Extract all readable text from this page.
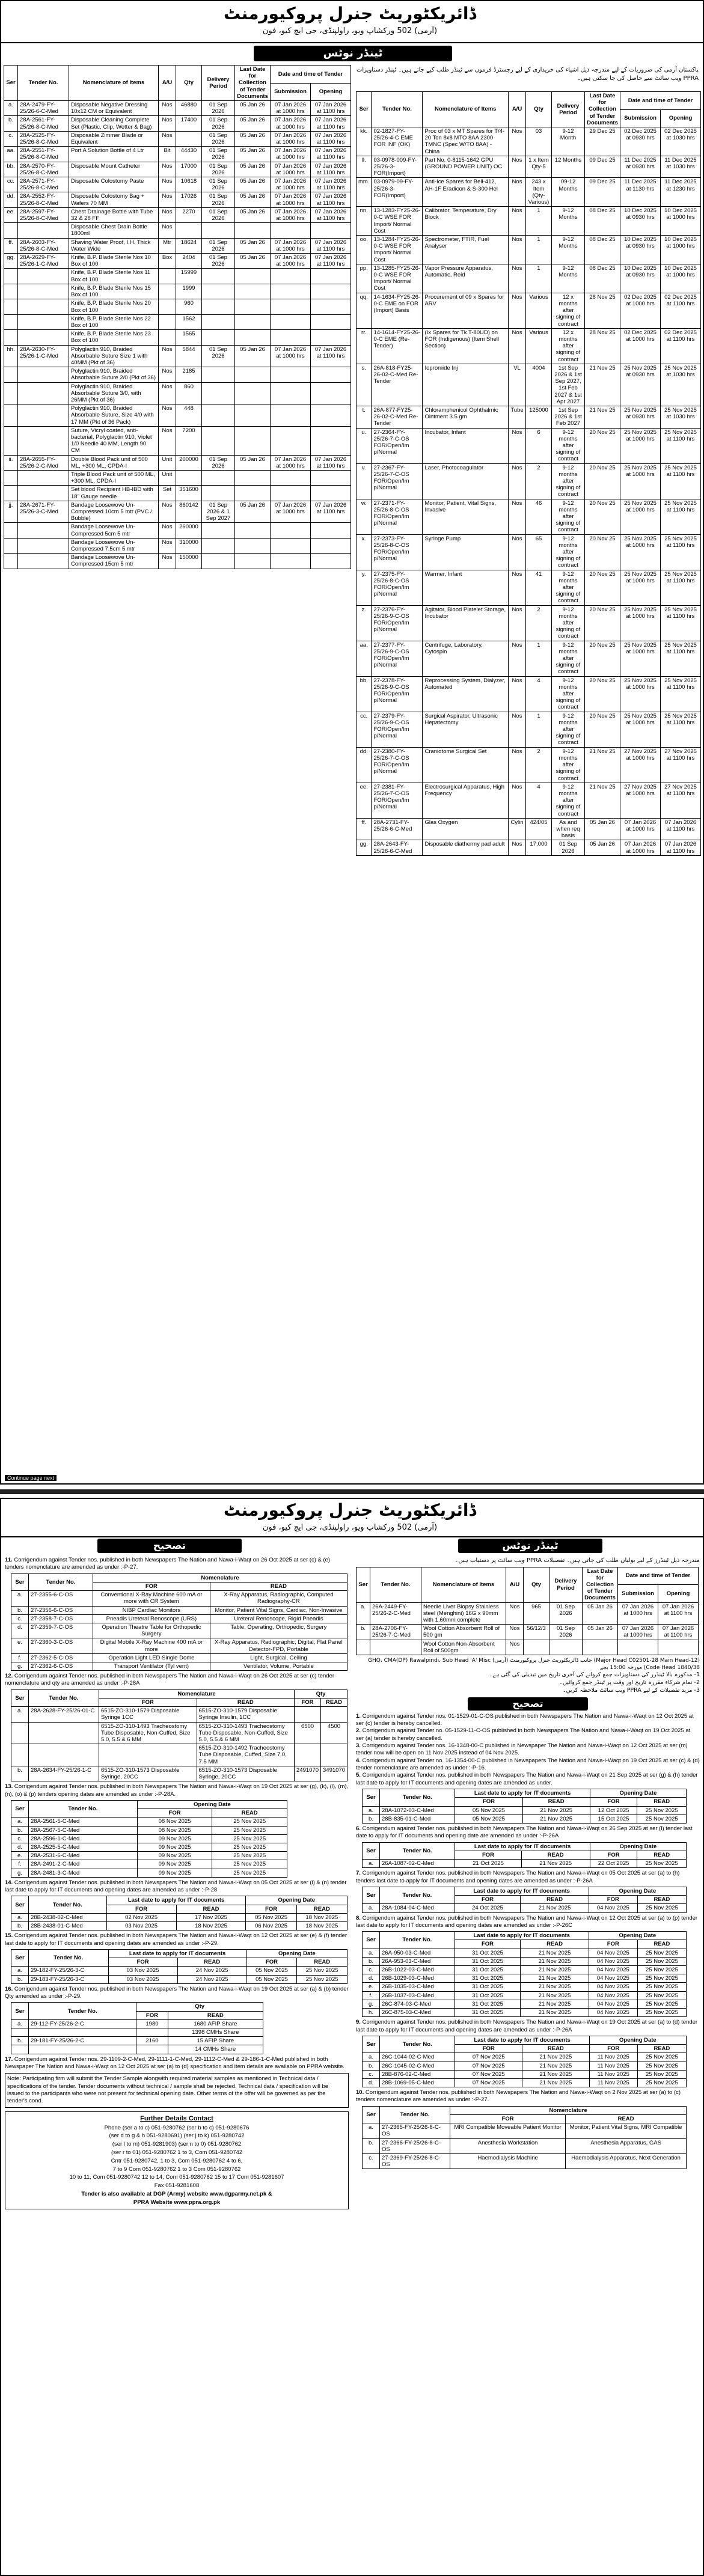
ڈائریکٹوریٹ جنرل پروکیورمنٹ
(آرمی) 502 ورکشاپ ویو، راولپنڈی، جی ایچ کیو، فون
ٹینڈر نوٹس
پاکستان آرمی کی ضروریات کے لیے مندرجہ ذیل اشیاء کی خریداری کے لیے رجسٹرڈ فرموں سے ٹینڈر طلب کیے جاتے ہیں۔ ٹینڈر دستاویزات PPRA ویب سائٹ سے حاصل کی جا سکتی ہیں۔
Ser	Tender No.	Nomenclature of Items	A/U	Qty	Delivery Period	Last Date for Collection of Tender Documents	Date and time of Tender	
							Submission	Opening
a.	28A-2479-FY-25/26-6-C-Med	Disposable Negative Dressing 10x12 CM or Equivalent	Nos	46880	01 Sep 2026	05 Jan 26	07 Jan 2026 at 1000 hrs	07 Jan 2026 at 1100 hrs
b.	28A-2561-FY-25/26-8-C-Med	Disposable Cleaning Complete Set (Plastic, Clip, Wetter & Bag)	Nos	17400	01 Sep 2026	05 Jan 26	07 Jan 2026 at 1000 hrs	07 Jan 2026 at 1100 hrs
c.	28A-2525-FY-25/26-8-C-Med	Disposable Zimmer Blade or Equivalent	Nos		01 Sep 2026	05 Jan 26	07 Jan 2026 at 1000 hrs	07 Jan 2026 at 1100 hrs
aa.	28A-2551-FY-25/26-8-C-Med	Port A Solution Bottle of 4 Ltr	Bit	44430	01 Sep 2026	05 Jan 26	07 Jan 2026 at 1000 hrs	07 Jan 2026 at 1100 hrs
bb.	28A-2570-FY-25/26-8-C-Med	Disposable Mount Catheter	Nos	17000	01 Sep 2026	05 Jan 26	07 Jan 2026 at 1000 hrs	07 Jan 2026 at 1100 hrs
cc.	28A-2571-FY-25/26-8-C-Med	Disposable Colostomy Paste	Nos	10618	01 Sep 2026	05 Jan 26	07 Jan 2026 at 1000 hrs	07 Jan 2026 at 1100 hrs
dd.	28A-2552-FY-25/26-8-C-Med	Disposable Colostomy Bag + Wafers 70 MM	Nos	17026	01 Sep 2026	05 Jan 26	07 Jan 2026 at 1000 hrs	07 Jan 2026 at 1100 hrs
ee.	28A-2597-FY-25/26-8-C-Med	Chest Drainage Bottle with Tube 32 & 28 FF	Nos	2270	01 Sep 2026	05 Jan 26	07 Jan 2026 at 1000 hrs	07 Jan 2026 at 1100 hrs
		Disposable Chest Drain Bottle 1800ml	Nos					
ff.	28A-2603-FY-25/26-8-C-Med	Shaving Water Proof, I.H. Thick Water Wide	Mtr	18624	01 Sep 2026	05 Jan 26	07 Jan 2026 at 1000 hrs	07 Jan 2026 at 1100 hrs
gg.	28A-2629-FY-25/26-1-C-Med	Knife, B.P. Blade Sterile Nos 10 Box of 100	Box	2404	01 Sep 2026	05 Jan 26	07 Jan 2026 at 1000 hrs	07 Jan 2026 at 1100 hrs
		Knife, B.P. Blade Sterile Nos 11 Box of 100		15999				
		Knife, B.P. Blade Sterile Nos 15 Box of 100		1999				
		Knife, B.P. Blade Sterile Nos 20 Box of 100		960				
		Knife, B.P. Blade Sterile Nos 22 Box of 100		1562				
		Knife, B.P. Blade Sterile Nos 23 Box of 100		1565				
hh.	28A-2630-FY-25/26-1-C-Med	Polyglactin 910, Braided Absorbable Suture Size 1 with 40MM (Pkt of 36)	Nos	5844	01 Sep 2026	05 Jan 26	07 Jan 2026 at 1000 hrs	07 Jan 2026 at 1100 hrs
		Polyglactin 910, Braided Absorbable Suture 2/0 (Pkt of 36)	Nos	2185				
		Polyglactin 910, Braided Absorbable Suture 3/0, with 26MM (Pkt of 36)	Nos	860				
		Polyglactin 910, Braided Absorbable Suture, Size 4/0 with 17 MM (Pkt of 36 Pack)	Nos	448				
		Suture, Vicryl coated, anti-bacterial, Polyglactin 910, Violet 1/0 Needle 40 MM, Length 90 CM	Nos	7200				
ii.	28A-2655-FY-25/26-2-C-Med	Double Blood Pack unit of 500 ML, +300 ML, CPDA-I	Unit	200000	01 Sep 2026	05 Jan 26	07 Jan 2026 at 1000 hrs	07 Jan 2026 at 1100 hrs
		Triple Blood Pack unit of 500 ML, +300 ML, CPDA-I	Unit					
		Set blood Recipient HB-IBD with 18" Gauge needle	Set	351600				
jj.	28A-2671-FY-25/26-3-C-Med	Bandage Loosewove Un-Compressed 10cm 5 mtr (PVC / Bubble)	Nos	860142	01 Sep 2026 & 1 Sep 2027	05 Jan 26	07 Jan 2026 at 1000 hrs	07 Jan 2026 at 1100 hrs
		Bandage Loosewove Un-Compressed 5cm 5 mtr	Nos	260000				
		Bandage Loosewove Un-Compressed 7.5cm 5 mtr	Nos	310000				
		Bandage Loosewove Un-Compressed 15cm 5 mtr	Nos	150000				
Ser	Tender No.	Nomenclature of Items	A/U	Qty	Delivery Period	Last Date for Collection of Tender Documents	Date and time of Tender	
							Submission	Opening
kk.	02-1827-FY-25/26-4-C EME FOR INF (OK)	Proc of 03 x MT Spares for T/4-20 Ton 8x8 MTO 8AA 2300 TMNC (Spec W/TO 8AA) - China	Nos	03	9-12 Month	29 Dec 25	02 Dec 2025 at 0930 hrs	02 Dec 2025 at 1030 hrs
ll.	03-0978-009-FY-25/26-3-FOR(Import)	Part No. 0-8115-1642 GPU (GROUND POWER UNIT) OC	Nos	1 x Item Qty-5	12 Months	09 Dec 25	11 Dec 2025 at 0930 hrs	11 Dec 2025 at 1030 hrs
mm.	03-0979-09-FY-25/26-3-FOR(Import)	Anti-Ice Spares for Bell-412, AH-1F Eradicon & S-300 Hel	Nos	243 x Item (Qty-Various)	09-12 Months	09 Dec 25	11 Dec 2025 at 1130 hrs	11 Dec 2025 at 1230 hrs
nn.	13-1283-FY25-26-0-C WSE FOR Import/ Normal Cost	Calibrator, Temperature, Dry Block	Nos	1	9-12 Months	08 Dec 25	10 Dec 2025 at 0930 hrs	10 Dec 2025 at 1000 hrs
oo.	13-1284-FY25-26-0-C WSE FOR Import/ Normal Cost	Spectrometer, FTIR, Fuel Analyser	Nos	1	9-12 Months	08 Dec 25	10 Dec 2025 at 0930 hrs	10 Dec 2025 at 1000 hrs
pp.	13-1285-FY25-26-0-C WSE FOR Import/ Normal Cost	Vapor Pressure Apparatus, Automatic, Reid	Nos	1	9-12 Months	08 Dec 25	10 Dec 2025 at 0930 hrs	10 Dec 2025 at 1000 hrs
qq.	14-1634-FY25-26-0-C EME on FOR (Import) Basis	Procurement of 09 x Spares for ARV	Nos	Various	12 x months after signing of contract	28 Nov 25	02 Dec 2025 at 1000 hrs	02 Dec 2025 at 1100 hrs
rr.	14-1614-FY25-26-0-C EME (Re-Tender)	(Ix Spares for Tk T-80UD) on FOR (Indigenous) (Item Shell Section)	Nos	Various	12 x months after signing of contract	28 Nov 25	02 Dec 2025 at 1000 hrs	02 Dec 2025 at 1100 hrs
s.	26A-818-FY25-26-02-C-Med Re-Tender	Iopromide Inj	VL	4004	1st Sep 2026 & 1st Sep 2027, 1st Feb 2027 & 1st Apr 2027	21 Nov 25	25 Nov 2025 at 0930 hrs	25 Nov 2025 at 1030 hrs
t.	26A-877-FY25-26-02-C-Med Re-Tender	Chloramphenicol Ophthalmic Ointment 3.5 gm	Tube	125000	1st Sep 2026 & 1st Feb 2027	21 Nov 25	25 Nov 2025 at 0930 hrs	25 Nov 2025 at 1030 hrs
u.	27-2364-FY-25/26-7-C-OS FOR/Open/Im p/Normal	Incubator, Infant	Nos	6	9-12 months after signing of contract	20 Nov 25	25 Nov 2025 at 1000 hrs	25 Nov 2025 at 1100 hrs
v.	27-2367-FY-25/26-7-C-OS FOR/Open/Im p/Normal	Laser, Photocoagulator	Nos	2	9-12 months after signing of contract	20 Nov 25	25 Nov 2025 at 1000 hrs	25 Nov 2025 at 1100 hrs
w.	27-2371-FY-25/26-8-C-OS FOR/Open/Im p/Normal	Monitor, Patient, Vital Signs, Invasive	Nos	46	9-12 months after signing of contract	20 Nov 25	25 Nov 2025 at 1000 hrs	25 Nov 2025 at 1100 hrs
x.	27-2373-FY-25/26-8-C-OS FOR/Open/Im p/Normal	Syringe Pump	Nos	65	9-12 months after signing of contract	20 Nov 25	25 Nov 2025 at 1000 hrs	25 Nov 2025 at 1100 hrs
y.	27-2375-FY-25/26-8-C-OS FOR/Open/Im p/Normal	Warmer, Infant	Nos	41	9-12 months after signing of contract	20 Nov 25	25 Nov 2025 at 1000 hrs	25 Nov 2025 at 1100 hrs
z.	27-2376-FY-25/26-9-C-OS FOR/Open/Im p/Normal	Agitator, Blood Platelet Storage, Incubator	Nos	2	9-12 months after signing of contract	20 Nov 25	25 Nov 2025 at 1000 hrs	25 Nov 2025 at 1100 hrs
aa.	27-2377-FY-25/26-9-C-OS FOR/Open/Im p/Normal	Centrifuge, Laboratory, Cytospin	Nos	1	9-12 months after signing of contract	20 Nov 25	25 Nov 2025 at 1000 hrs	25 Nov 2025 at 1100 hrs
bb.	27-2378-FY-25/26-9-C-OS FOR/Open/Im p/Normal	Reprocessing System, Dialyzer, Automated	Nos	4	9-12 months after signing of contract	20 Nov 25	25 Nov 2025 at 1000 hrs	25 Nov 2025 at 1100 hrs
cc.	27-2379-FY-25/26-9-C-OS FOR/Open/Im p/Normal	Surgical Aspirator, Ultrasonic Hepatectomy	Nos	1	9-12 months after signing of contract	20 Nov 25	25 Nov 2025 at 1000 hrs	25 Nov 2025 at 1100 hrs
dd.	27-2380-FY-25/26-7-C-OS FOR/Open/Im p/Normal	Craniotome Surgical Set	Nos	2	9-12 months after signing of contract	21 Nov 25	27 Nov 2025 at 1000 hrs	27 Nov 2025 at 1100 hrs
ee.	27-2381-FY-25/26-7-C-OS FOR/Open/Im p/Normal	Electrosurgical Apparatus, High Frequency	Nos	4	9-12 months after signing of contract	21 Nov 25	27 Nov 2025 at 1000 hrs	27 Nov 2025 at 1100 hrs
ff.	28A-2731-FY-25/26-6-C-Med	Glas Oxygen	Cylin	424/05	As and when req basis	05 Jan 26	07 Jan 2026 at 1000 hrs	07 Jan 2026 at 1100 hrs
gg.	28A-2643-FY-25/26-6-C-Med	Disposable diathermy pad adult	Nos	17,000	01 Sep 2026	05 Jan 26	07 Jan 2026 at 1000 hrs	07 Jan 2026 at 1100 hrs
Continue page next
ڈائریکٹوریٹ جنرل پروکیورمنٹ
(آرمی) 502 ورکشاپ ویو، راولپنڈی، جی ایچ کیو، فون
تصحیح	ٹینڈر نوٹس
11. Corrigendum against Tender nos. published in both Newspapers The Nation and Nawa-i-Waqt on 26 Oct 2025 at ser (c) & (e) tenders nomenclature are amended as under :-P-27.
Ser	Tender No.	Nomenclature	
		FOR	READ
a.	27-2355-6-C-OS	Conventional X-Ray Machine 600 mA or more with CR System	X-Ray Apparatus, Radiographic, Computed Radiography-CR
b.	27-2356-6-C-OS	NIBP Cardiac Monitors	Monitor, Patient Vital Signs, Cardiac, Non-Invasive
c.	27-2358-7-C-OS	Pneadis Ureteral Renoscope (URS)	Ureteral Renoscope, Rigid Pneadis
d.	27-2359-7-C-OS	Operation Theatre Table for Orthopedic Surgery	Table, Operating, Orthopedic, Surgery
e.	27-2360-3-C-OS	Digital Mobile X-Ray Machine 400 mA or more	X-Ray Apparatus, Radiographic, Digital, Flat Panel Detector-FPD, Portable
f.	27-2362-5-C-OS	Operation Light LED Single Dome	Light, Surgical, Ceiling
g.	27-2362-6-C-OS	Transport Ventilator (Tyl vent)	Ventilator, Volume, Portable
12. Corrigendum against Tender nos. published in both Newspapers The Nation and Nawa-i-Waqt on 26 Oct 2025 at ser (c) tender nomenclature and qty are amended as under :-P-28A
Ser	Tender No.	Nomenclature		Qty	
		FOR	READ	FOR	READ
a.	28A-2628-FY-25/26-01-C	6515-ZO-310-1579 Disposable Syringe 1CC	6515-ZO-310-1579 Disposable Syringe Insulin, 1CC		
		6515-ZO-310-1493 Tracheostomy Tube Disposable, Non-Cuffed, Size 5.0, 5.5 & 6 MM	6515-ZO-310-1493 Tracheostomy Tube Disposable, Non-Cuffed, Size 5.0, 5.5 & 6 MM	6500	4500
			6515-ZO-310-1492 Tracheostomy Tube Disposable, Cuffed, Size 7.0, 7.5 MM		
b.	28A-2634-FY-25/26-1-C	6515-ZO-310-1573 Disposable Syringe, 20CC	6515-ZO-310-1573 Disposable Syringe, 20CC	2491070	3491070
13. Corrigendum against Tender nos. published in both Newspapers The Nation and Nawa-i-Waqt on 19 Oct 2025 at ser (g), (k), (l), (m), (n), (o) & (p) tenders opening dates are amended as under :-P-28A.
Ser	Tender No.	Opening Date	
		FOR	READ
a.	28A-2561-5-C-Med	08 Nov 2025	25 Nov 2025
b.	28A-2567-5-C-Med	08 Nov 2025	25 Nov 2025
c.	28A-2596-1-C-Med	09 Nov 2025	25 Nov 2025
d.	28A-2525-5-C-Med	09 Nov 2025	25 Nov 2025
e.	28A-2531-6-C-Med	09 Nov 2025	25 Nov 2025
f.	28A-2491-2-C-Med	09 Nov 2025	25 Nov 2025
g.	28A-2481-3-C-Med	09 Nov 2025	25 Nov 2025
14. Corrigendum against Tender nos. published in both Newspapers The Nation and Nawa-i-Waqt on 05 Oct 2025 at ser (i) & (n) tender last date to apply for IT documents and opening dates are amended as under :-P-28
Ser	Tender No.	Last date to apply for IT documents		Opening Date	
		FOR	READ	FOR	READ
a.	28B-2438-02-C-Med	02 Nov 2025	17 Nov 2025	05 Nov 2025	18 Nov 2025
b.	28B-2438-01-C-Med	03 Nov 2025	18 Nov 2025	06 Nov 2025	18 Nov 2025
15. Corrigendum against Tender nos. published in both Newspapers The Nation and Nawa-i-Waqt on 12 Oct 2025 at ser (e) & (f) tender last date to apply for IT documents and opening dates are amended as under :-P-29.
Ser	Tender No.	Last date to apply for IT documents		Opening Date	
		FOR	READ	FOR	READ
a.	29-182-FY-25/26-3-C	03 Nov 2025	24 Nov 2025	05 Nov 2025	25 Nov 2025
b.	29-183-FY-25/26-3-C	03 Nov 2025	24 Nov 2025	05 Nov 2025	25 Nov 2025
16. Corrigendum against Tender nos. published in both Newspapers The Nation and Nawa-i-Waqt on 19 Oct 2025 at ser (a) & (b) tender Qty amended as under :-P-29.
Ser	Tender No.	Qty	
		FOR	READ
a.	29-112-FY-25/26-2-C	1980	1680 AFIP Share
			1398 CMHs Share
b.	29-181-FY-25/26-2-C	2160	15 AFIP Share
			14 CMHs Share
17. Corrigendum against Tender nos. 29-1109-2-C-Med, 29-1111-1-C-Med, 29-1112-C-Med & 29-186-1-C-Med published in both Newspaper The Nation and Nawa-i-Waqt on 12 Oct 2025 at ser (a) to (d) specification and item details are available on PPRA website.
Note: Participating firm will submit the Tender Sample alongwith required material samples as mentioned in Technical data / specifications of the tender. Tender documents without technical / sample shall be rejected. Technical data / specification will be issued to the participants who were not present for technical opening date. Other terms of the offer will be governed as per the tender's cond.
Further Details Contact
Phone (ser a to c) 051-9280762 (ser b to c) 051-9280676
(ser d to g & h 051-9280691) (ser j to k) 051-9280742
(ser l to m) 051-9281903) (ser n to 0) 051-9280762
(ser r to 01) 051-9280762 1 to 3, Com 051-9280742
Cntr 051-9280742, 1 to 3, Com 051-9280762 4 to 6,
7 to 9 Com 051-9280762 1 to 3 Com 051-9280762
10 to 11, Com 051-9280742 12 to 14, Com 051-9280762 15 to 17 Com 051-9281607
Fax 051-9281608
Tender is also available at DGP (Army) website www.dgparmy.net.pk &
PPRA Website www.ppra.org.pk
مندرجہ ذیل ٹینڈرز کے لیے بولیاں طلب کی جاتی ہیں۔ تفصیلات PPRA ویب سائٹ پر دستیاب ہیں۔
Ser	Tender No.	Nomenclature of Items	A/U	Qty	Delivery Period	Last Date for Collection of Tender Documents	Date and time of Tender	
							Submission	Opening
a.	26A-2449-FY-25/26-2-C-Med	Needle Liver Biopsy Stainless steel (Menghini) 16G x 90mm with 1.60mm complete	Nos	965	01 Sep 2026	05 Jan 26	07 Jan 2026 at 1000 hrs	07 Jan 2026 at 1100 hrs
b.	28A-2706-FY-25/26-7-C-Med	Wool Cotton Absorbent Roll of 500 gm	Nos	56/12/3	01 Sep 2026	05 Jan 26	07 Jan 2026 at 1000 hrs	07 Jan 2026 at 1100 hrs
		Wool Cotton Non-Absorbent Roll of 500gm	Nos					
(Major Head C02501-28 Main Head-12) جانب ڈائریکٹوریٹ جنرل پروکیورمنٹ (آرمی) GHQ، CMA(DP) Rawalpindi، Sub Head 'A' Misc Code Head 1840/38) مورخہ 15:00 بجے
1- مذکورہ بالا ٹینڈرز کی دستاویزات جمع کروانے کی آخری تاریخ میں تبدیلی کی گئی ہے۔
2- تمام شرکاء مقررہ تاریخ اور وقت پر ٹینڈر جمع کروائیں۔
3- مزید تفصیلات کے لیے PPRA ویب سائٹ ملاحظہ کریں۔
تصحیح
1. Corrigendum against Tender nos. 01-1529-01-C-OS published in both Newspapers The Nation and Nawa-i-Waqt on 12 Oct 2025 at ser (c) tender is hereby cancelled.
2. Corrigendum against Tender no. 05-1529-11-C-OS published in both Newspapers The Nation and Nawa-i-Waqt on 19 Oct 2025 at ser (a) tender is hereby cancelled.
3. Corrigendum against Tender nos. 16-1348-00-C published in Newspaper The Nation and Nawa-i-Waqt on 12 Oct 2025 at ser (m) tender now will be open on 11 Nov 2025 instead of 04 Nov 2025.
4. Corrigendum against Tender no. 16-1354-00-C published in Newspapers The Nation and Nawa-i-Waqt on 19 Oct 2025 at ser (c) & (d) tender nomenclature are amended as under :-P-16.
5. Corrigendum against Tender nos. published in both Newspapers The Nation and Nawa-i-Waqt on 21 Sep 2025 at ser (g) & (h) tender last date to apply for IT documents and opening dates are amended as under.
Ser	Tender No.	Last date to apply for IT documents		Opening Date	
		FOR	READ	FOR	READ
a.	28A-1072-03-C-Med	05 Nov 2025	21 Nov 2025	12 Oct 2025	25 Nov 2025
b.	28B-835-01-C-Med	05 Nov 2025	21 Nov 2025	15 Oct 2025	25 Nov 2025
6. Corrigendum against Tender nos. published in both Newspapers The Nation and Nawa-i-Waqt on 26 Sep 2025 at ser (l) tender last date to apply for IT documents and opening date are amended as under :-P-26A
Ser	Tender No.	Last date to apply for IT documents		Opening Date	
		FOR	READ	FOR	READ
a.	26A-1087-02-C-Med	21 Oct 2025	21 Nov 2025	22 Oct 2025	25 Nov 2025
7. Corrigendum against Tender nos. published in both Newspapers The Nation and Nawa-i-Waqt on 05 Oct 2025 at ser (a) to (h) tenders last date to apply for IT documents and opening dates are amended as under :-P-26A
Ser	Tender No.	Last date to apply for IT documents		Opening Date	
		FOR	READ	FOR	READ
a.	28A-1084-04-C-Med	24 Oct 2025	21 Nov 2025	04 Nov 2025	25 Nov 2025
8. Corrigendum against Tender nos. published in both Newspapers The Nation and Nawa-i-Waqt on 12 Oct 2025 at ser (a) to (p) tender last date to apply for IT documents and opening dates are amended as under :-P-26C
Ser	Tender No.	Last date to apply for IT documents		Opening Date	
		FOR	READ	FOR	READ
a.	26A-950-03-C-Med	31 Oct 2025	21 Nov 2025	04 Nov 2025	25 Nov 2025
b.	26A-953-03-C-Med	31 Oct 2025	21 Nov 2025	04 Nov 2025	25 Nov 2025
c.	26B-1022-03-C-Med	31 Oct 2025	21 Nov 2025	04 Nov 2025	25 Nov 2025
d.	26B-1029-03-C-Med	31 Oct 2025	21 Nov 2025	04 Nov 2025	25 Nov 2025
e.	26B-1035-03-C-Med	31 Oct 2025	21 Nov 2025	04 Nov 2025	25 Nov 2025
f.	26B-1037-03-C-Med	31 Oct 2025	21 Nov 2025	04 Nov 2025	25 Nov 2025
g.	26C-874-03-C-Med	31 Oct 2025	21 Nov 2025	04 Nov 2025	25 Nov 2025
h.	26C-875-03-C-Med	31 Oct 2025	21 Nov 2025	04 Nov 2025	25 Nov 2025
9. Corrigendum against Tender nos. published in both Newspapers The Nation and Nawa-i-Waqt on 19 Oct 2025 at ser (a) to (d) tender last date to apply for IT documents and opening dates are amended as under :-P-26A
Ser	Tender No.	Last date to apply for IT documents		Opening Date	
		FOR	READ	FOR	READ
a.	26C-1044-02-C-Med	07 Nov 2025	21 Nov 2025	11 Nov 2025	25 Nov 2025
b.	26C-1045-02-C-Med	07 Nov 2025	21 Nov 2025	11 Nov 2025	25 Nov 2025
c.	28B-876-02-C-Med	07 Nov 2025	21 Nov 2025	11 Nov 2025	25 Nov 2025
d.	28B-1069-05-C-Med	07 Nov 2025	21 Nov 2025	11 Nov 2025	25 Nov 2025
10. Corrigendum against Tender nos. published in both Newspapers The Nation and Nawa-i-Waqt on 2 Nov 2025 at ser (a) to (c) tenders nomenclature are amended as under :-P-27.
Ser	Tender No.	Nomenclature	
		FOR	READ
a.	27-2365-FY-25/26-8-C-OS	MRI Compatible Moveable Patient Monitor	Monitor, Patient Vital Signs, MRI Compatible
b.	27-2366-FY-25/26-8-C-OS	Anesthesia Workstation	Anesthesia Apparatus, GAS
c.	27-2369-FY-25/26-8-C-OS	Haemodialysis Machine	Haemodialysis Apparatus, Next Generation
